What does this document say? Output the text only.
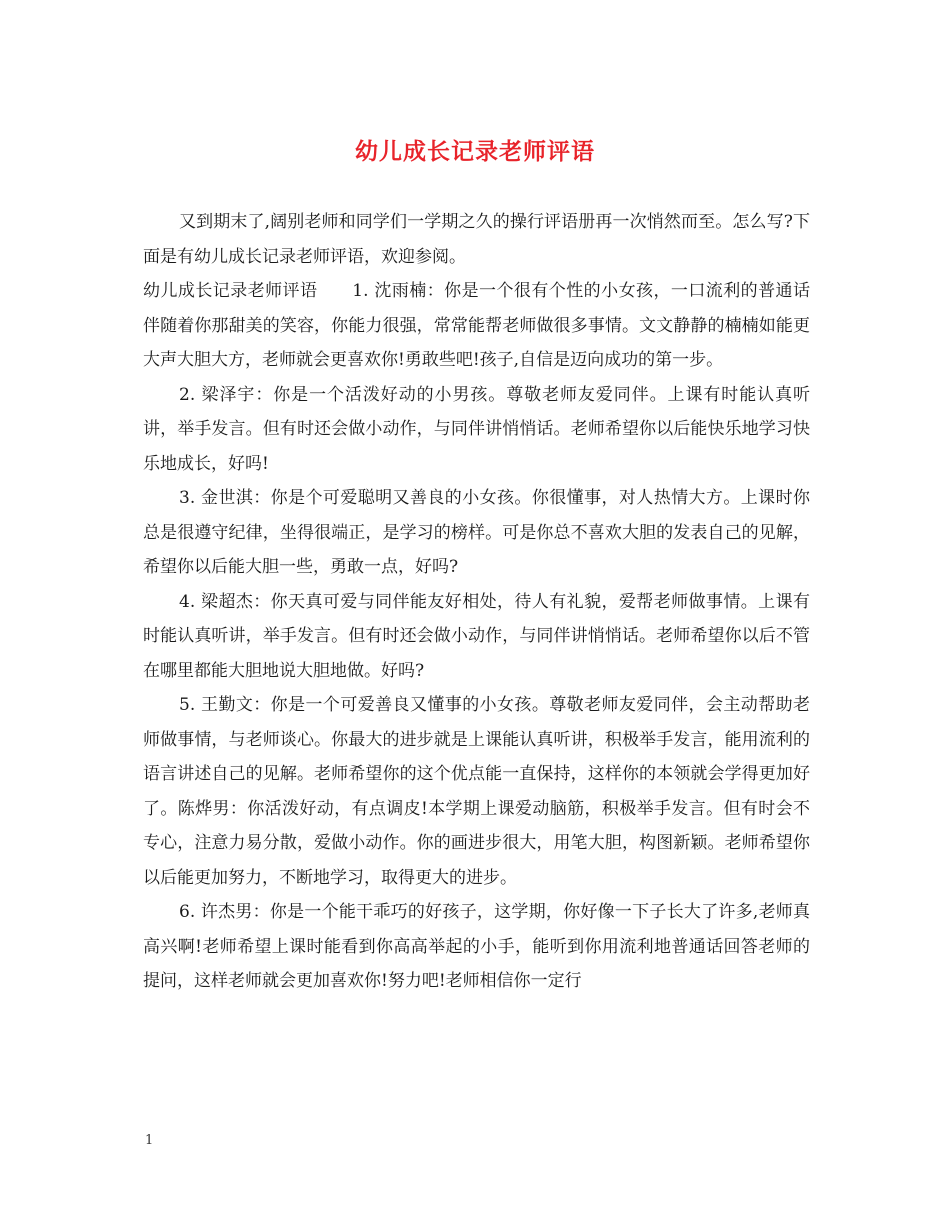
幼儿成长记录老师评语

又到期末了,阔别老师和同学们一学期之久的操行评语册再一次悄然而至。怎么写?下面是有幼儿成长记录老师评语，欢迎参阅。

幼儿成长记录老师评语　　1. 沈雨楠：你是一个很有个性的小女孩，一口流利的普通话伴随着你那甜美的笑容，你能力很强，常常能帮老师做很多事情。文文静静的楠楠如能更大声大胆大方，老师就会更喜欢你!勇敢些吧!孩子,自信是迈向成功的第一步。

2. 梁泽宇：你是一个活泼好动的小男孩。尊敬老师友爱同伴。上课有时能认真听讲，举手发言。但有时还会做小动作，与同伴讲悄悄话。老师希望你以后能快乐地学习快乐地成长，好吗!

3. 金世淇：你是个可爱聪明又善良的小女孩。你很懂事，对人热情大方。上课时你总是很遵守纪律，坐得很端正，是学习的榜样。可是你总不喜欢大胆的发表自己的见解，希望你以后能大胆一些，勇敢一点，好吗?

4. 梁超杰：你天真可爱与同伴能友好相处，待人有礼貌，爱帮老师做事情。上课有时能认真听讲，举手发言。但有时还会做小动作，与同伴讲悄悄话。老师希望你以后不管在哪里都能大胆地说大胆地做。好吗?

5. 王勤文：你是一个可爱善良又懂事的小女孩。尊敬老师友爱同伴，会主动帮助老师做事情，与老师谈心。你最大的进步就是上课能认真听讲，积极举手发言，能用流利的语言讲述自己的见解。老师希望你的这个优点能一直保持，这样你的本领就会学得更加好了。陈烨男：你活泼好动，有点调皮!本学期上课爱动脑筋，积极举手发言。但有时会不专心，注意力易分散，爱做小动作。你的画进步很大，用笔大胆，构图新颖。老师希望你以后能更加努力，不断地学习，取得更大的进步。

6. 许杰男：你是一个能干乖巧的好孩子，这学期，你好像一下子长大了许多,老师真高兴啊!老师希望上课时能看到你高高举起的小手，能听到你用流利地普通话回答老师的提问，这样老师就会更加喜欢你!努力吧!老师相信你一定行

1
